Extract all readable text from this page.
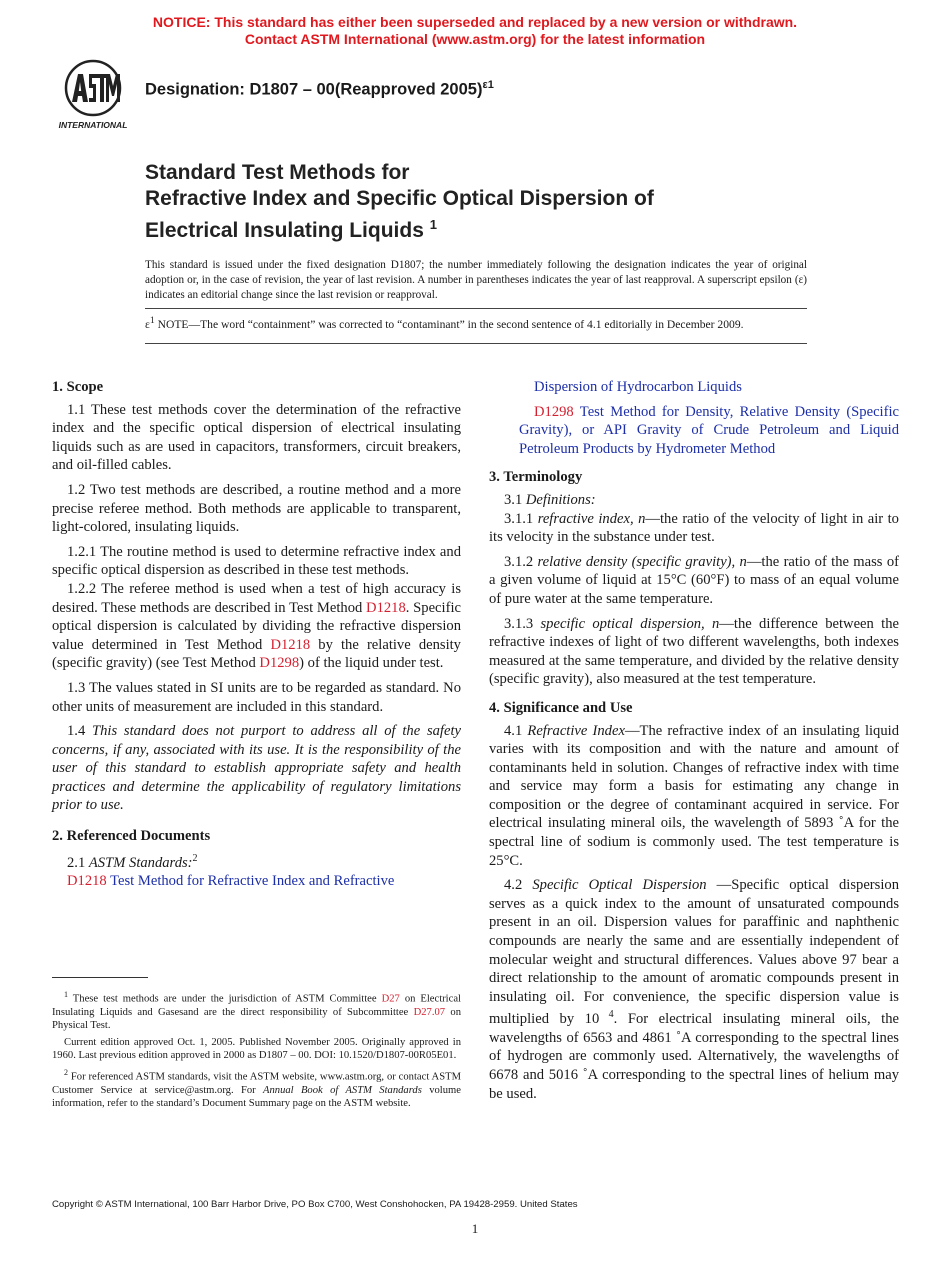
NOTICE: This standard has either been superseded and replaced by a new version or withdrawn.
Contact ASTM International (www.astm.org) for the latest information
INTERNATIONAL
Designation: D1807 – 00(Reapproved 2005)$^{\varepsilon 1}$
Standard Test Methods for
Refractive Index and Specific Optical Dispersion of
Electrical Insulating Liquids $^1$
This standard is issued under the fixed designation D1807; the number immediately following the designation indicates the year of original adoption or, in the case of revision, the year of last revision. A number in parentheses indicates the year of last reapproval. A superscript epsilon (ε) indicates an editorial change since the last revision or reapproval.
$\varepsilon^1$ NOTE—The word “containment” was corrected to “contaminant” in the second sentence of 4.1 editorially in December 2009.
1. Scope

1.1 These test methods cover the determination of the refractive index and the specific optical dispersion of electrical insulating liquids such as are used in capacitors, transformers, circuit breakers, and oil-filled cables.

1.2 Two test methods are described, a routine method and a more precise referee method. Both methods are applicable to transparent, light-colored, insulating liquids.

1.2.1 The routine method is used to determine refractive index and specific optical dispersion as described in these test methods.

1.2.2 The referee method is used when a test of high accuracy is desired. These methods are described in Test Method D1218. Specific optical dispersion is calculated by dividing the refractive dispersion value determined in Test Method D1218 by the relative density (specific gravity) (see Test Method D1298) of the liquid under test.

1.3 The values stated in SI units are to be regarded as standard. No other units of measurement are included in this standard.

1.4 This standard does not purport to address all of the safety concerns, if any, associated with its use. It is the responsibility of the user of this standard to establish appropriate safety and health practices and determine the applicability of regulatory limitations prior to use.

2. Referenced Documents

2.1 ASTM Standards:$^2$

D1218 Test Method for Refractive Index and Refractive

$^1$ These test methods are under the jurisdiction of ASTM Committee D27 on Electrical Insulating Liquids and Gasesand are the direct responsibility of Subcommittee D27.07 on Physical Test.

Current edition approved Oct. 1, 2005. Published November 2005. Originally approved in 1960. Last previous edition approved in 2000 as D1807 – 00. DOI: 10.1520/D1807-00R05E01.

$^2$ For referenced ASTM standards, visit the ASTM website, www.astm.org, or contact ASTM Customer Service at service@astm.org. For Annual Book of ASTM Standards volume information, refer to the standard’s Document Summary page on the ASTM website.

Dispersion of Hydrocarbon Liquids

D1298 Test Method for Density, Relative Density (Specific Gravity), or API Gravity of Crude Petroleum and Liquid Petroleum Products by Hydrometer Method

3. Terminology

3.1 Definitions:

3.1.1 refractive index, n—the ratio of the velocity of light in air to its velocity in the substance under test.

3.1.2 relative density (specific gravity), n—the ratio of the mass of a given volume of liquid at 15°C (60°F) to mass of an equal volume of pure water at the same temperature.

3.1.3 specific optical dispersion, n—the difference between the refractive indexes of light of two different wavelengths, both indexes measured at the same temperature, and divided by the relative density (specific gravity), also measured at the test temperature.

4. Significance and Use

4.1 Refractive Index—The refractive index of an insulating liquid varies with its composition and with the nature and amount of contaminants held in solution. Changes of refractive index with time and service may form a basis for estimating any change in composition or the degree of contaminant acquired in service. For electrical insulating mineral oils, the wavelength of 5893 ˚A for the spectral line of sodium is commonly used. The test temperature is 25°C.

4.2 Specific Optical Dispersion —Specific optical dispersion serves as a quick index to the amount of unsaturated compounds present in an oil. Dispersion values for paraffinic and naphthenic compounds are nearly the same and are essentially independent of molecular weight and structural differences. Values above 97 bear a direct relationship to the amount of aromatic compounds present in insulating oil. For convenience, the specific dispersion value is multiplied by 10 $^4$. For electrical insulating mineral oils, the wavelengths of 6563 and 4861 ˚A corresponding to the spectral lines of hydrogen are commonly used. Alternatively, the wavelengths of 6678 and 5016 ˚A corresponding to the spectral lines of helium may be used.

Copyright © ASTM International, 100 Barr Harbor Drive, PO Box C700, West Conshohocken, PA 19428-2959. United States
1
